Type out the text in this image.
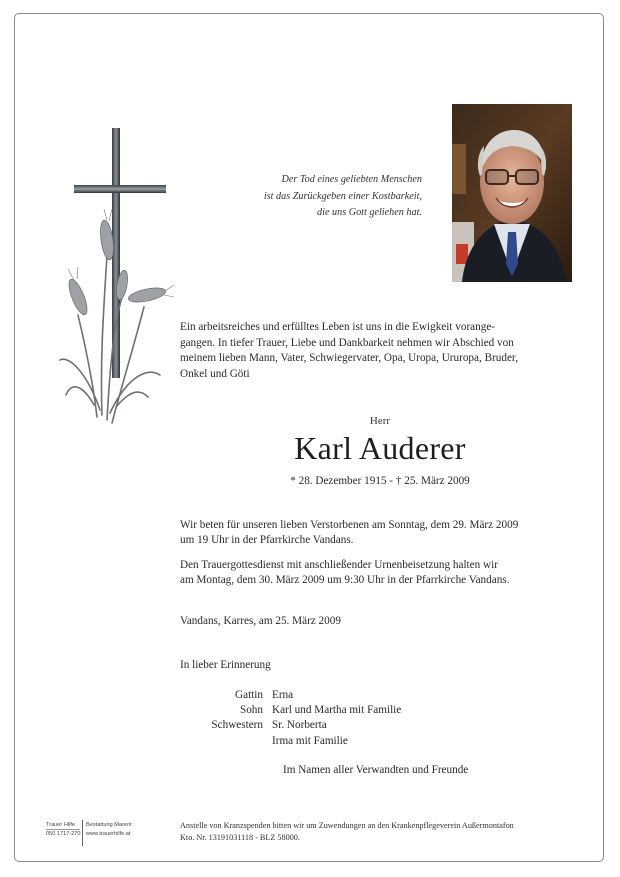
Der Tod eines geliebten Menschen
ist das Zurückgeben einer Kostbarkeit,
die uns Gott geliehen hat.
Ein arbeitsreiches und erfülltes Leben ist uns in die Ewigkeit vorange-
gangen. In tiefer Trauer, Liebe und Dankbarkeit nehmen wir Abschied von
meinem lieben Mann, Vater, Schwiegervater, Opa, Uropa, Ururopa, Bruder,
Onkel und Göti
Herr
Karl Auderer
* 28. Dezember 1915 - † 25. März 2009
Wir beten für unseren lieben Verstorbenen am Sonntag, dem 29. März 2009
um 19 Uhr in der Pfarrkirche Vandans.
Den Trauergottesdienst mit anschließender Urnenbeisetzung halten wir
am Montag, dem 30. März 2009 um 9:30 Uhr in der Pfarrkirche Vandans.
Vandans, Karres, am 25. März 2009
In lieber Erinnerung
Gattin Erna
Sohn Karl und Martha mit Familie
Schwestern Sr. Norberta
Irma mit Familie
Im Namen aller Verwandten und Freunde
Trauer Hilfe
050 1717-270
Bestattung Marent
www.trauerhilfe.at
Anstelle von Kranzspenden bitten wir um Zuwendungen an den Krankenpflegeverein Außermontafon
Kto. Nr. 13191031118 - BLZ 58000.
